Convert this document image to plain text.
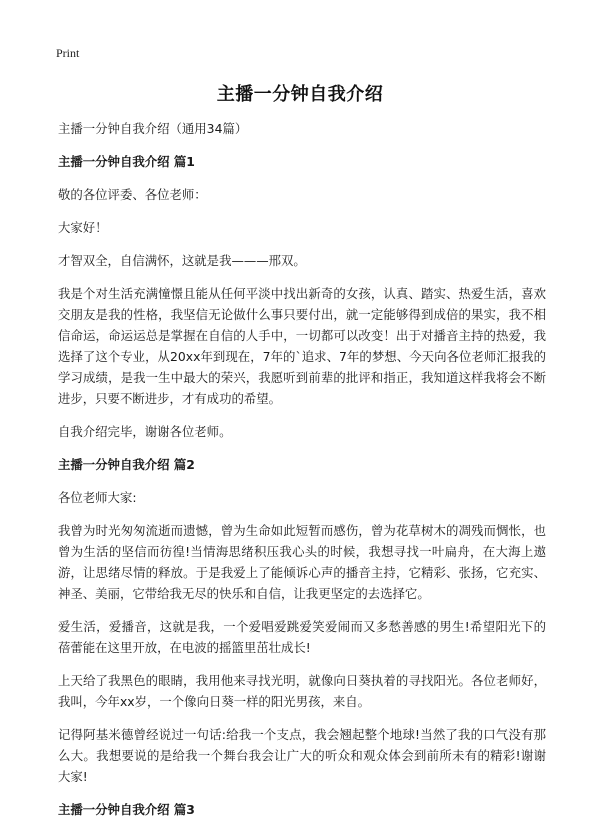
Print
主播一分钟自我介绍
主播一分钟自我介绍（通用34篇）
主播一分钟自我介绍 篇1
敬的各位评委、各位老师：
大家好！
才智双全，自信满怀，这就是我———邢双。
我是个对生活充满憧憬且能从任何平淡中找出新奇的女孩，认真、踏实、热爱生活，喜欢交朋友是我的性格，我坚信无论做什么事只要付出，就一定能够得到成倍的果实，我不相信命运，命运运总是掌握在自信的人手中，一切都可以改变！出于对播音主持的热爱，我选择了这个专业，从20xx年到现在，7年的`追求、7年的梦想、今天向各位老师汇报我的学习成绩，是我一生中最大的荣兴，我愿听到前辈的批评和指正，我知道这样我将会不断进步，只要不断进步，才有成功的希望。
自我介绍完毕，谢谢各位老师。
主播一分钟自我介绍 篇2
各位老师大家:
我曾为时光匆匆流逝而遗憾，曾为生命如此短暂而感伤，曾为花草树木的凋残而惆怅，也曾为生活的坚信而彷徨!当情海思绪积压我心头的时候，我想寻找一叶扁舟，在大海上遨游，让思绪尽情的释放。于是我爱上了能倾诉心声的播音主持，它精彩、张扬，它充实、神圣、美丽，它带给我无尽的快乐和自信，让我更坚定的去选择它。
爱生活，爱播音，这就是我，一个爱唱爱跳爱笑爱闹而又多愁善感的男生!希望阳光下的蓓蕾能在这里开放，在电波的摇篮里茁壮成长!
上天给了我黑色的眼睛，我用他来寻找光明，就像向日葵执着的寻找阳光。各位老师好，我叫，今年xx岁，一个像向日葵一样的阳光男孩，来自。
记得阿基米德曾经说过一句话:给我一个支点，我会翘起整个地球!当然了我的口气没有那么大。我想要说的是给我一个舞台我会让广大的听众和观众体会到前所未有的精彩!谢谢大家!
主播一分钟自我介绍 篇3
